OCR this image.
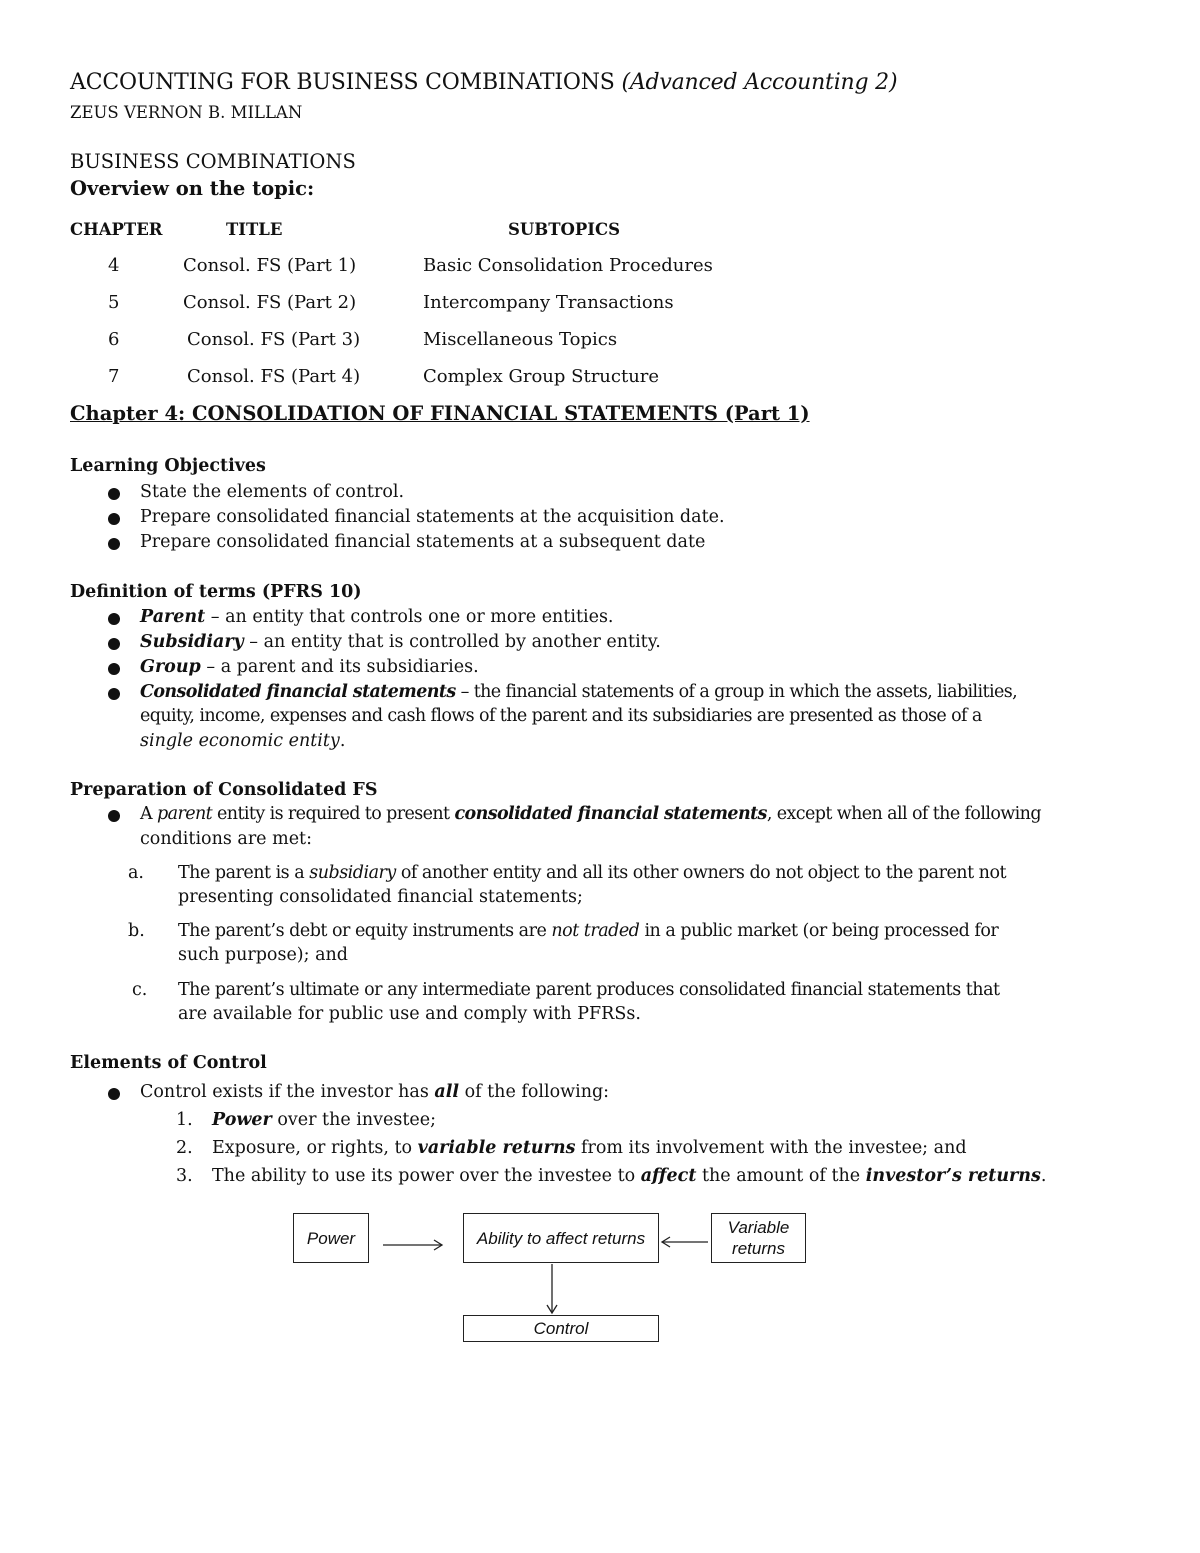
ACCOUNTING FOR BUSINESS COMBINATIONS (Advanced Accounting 2)
ZEUS VERNON B. MILLAN
BUSINESS COMBINATIONS
Overview on the topic:
CHAPTER	TITLE	SUBTOPICS
4	Consol. FS (Part 1)	Basic Consolidation Procedures
5	Consol. FS (Part 2)	Intercompany Transactions
6	Consol. FS (Part 3)	Miscellaneous Topics
7	Consol. FS (Part 4)	Complex Group Structure
Chapter 4: CONSOLIDATION OF FINANCIAL STATEMENTS (Part 1)
Learning Objectives
State the elements of control.
Prepare consolidated financial statements at the acquisition date.
Prepare consolidated financial statements at a subsequent date
Definition of terms (PFRS 10)
Parent – an entity that controls one or more entities.
Subsidiary – an entity that is controlled by another entity.
Group – a parent and its subsidiaries.
Consolidated financial statements – the financial statements of a group in which the assets, liabilities,
equity, income, expenses and cash flows of the parent and its subsidiaries are presented as those of a
single economic entity.
Preparation of Consolidated FS
A parent entity is required to present consolidated financial statements, except when all of the following
conditions are met:
a. The parent is a subsidiary of another entity and all its other owners do not object to the parent not
presenting consolidated financial statements;
b. The parent’s debt or equity instruments are not traded in a public market (or being processed for
such purpose); and
c. The parent’s ultimate or any intermediate parent produces consolidated financial statements that
are available for public use and comply with PFRSs.
Elements of Control
Control exists if the investor has all of the following:
1. Power over the investee;
2. Exposure, or rights, to variable returns from its involvement with the investee; and
3. The ability to use its power over the investee to affect the amount of the investor’s returns.
Power	Ability to affect returns
Variable returns
Control
